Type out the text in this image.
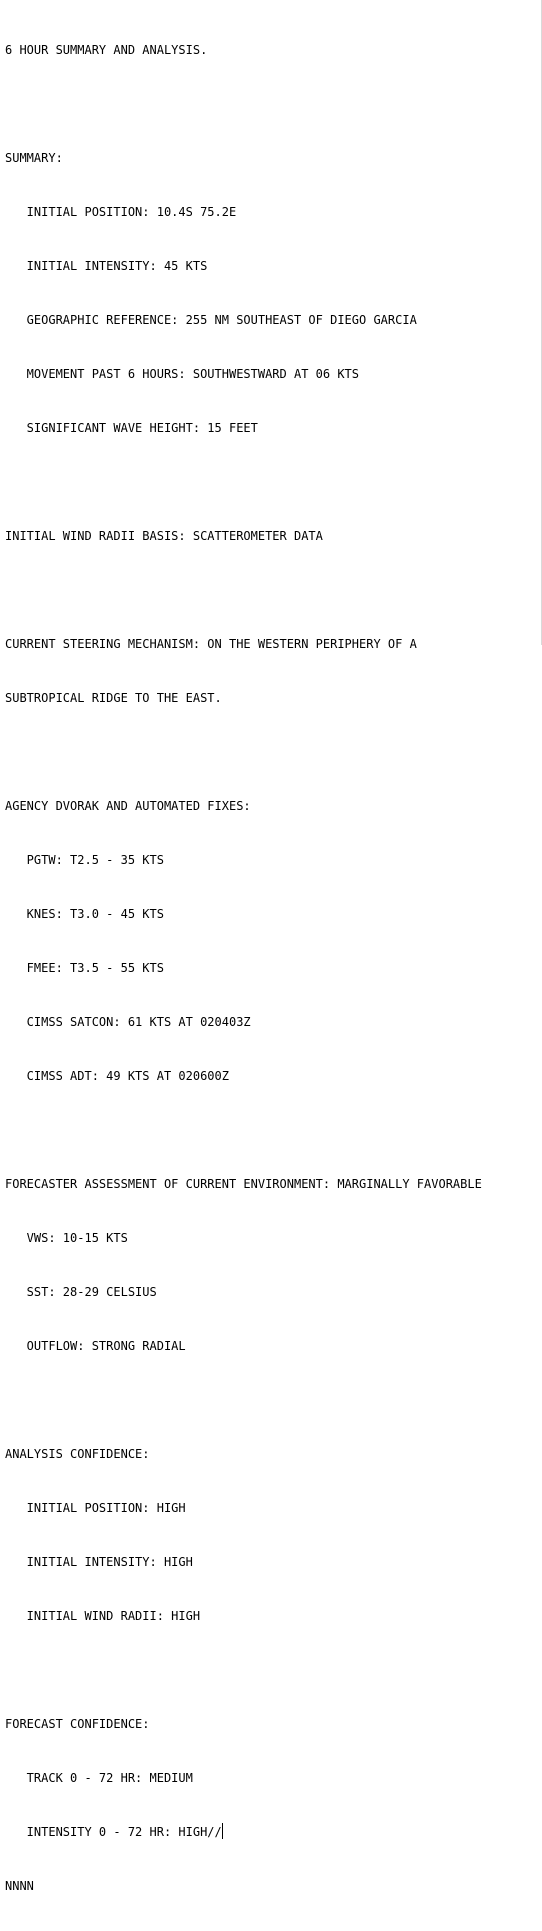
6 HOUR SUMMARY AND ANALYSIS.

SUMMARY:

INITIAL POSITION: 10.4S 75.2E

INITIAL INTENSITY: 45 KTS

GEOGRAPHIC REFERENCE: 255 NM SOUTHEAST OF DIEGO GARCIA

MOVEMENT PAST 6 HOURS: SOUTHWESTWARD AT 06 KTS

SIGNIFICANT WAVE HEIGHT: 15 FEET

INITIAL WIND RADII BASIS: SCATTEROMETER DATA

CURRENT STEERING MECHANISM: ON THE WESTERN PERIPHERY OF A

SUBTROPICAL RIDGE TO THE EAST.

AGENCY DVORAK AND AUTOMATED FIXES:

PGTW: T2.5 - 35 KTS

KNES: T3.0 - 45 KTS

FMEE: T3.5 - 55 KTS

CIMSS SATCON: 61 KTS AT 020403Z

CIMSS ADT: 49 KTS AT 020600Z

FORECASTER ASSESSMENT OF CURRENT ENVIRONMENT: MARGINALLY FAVORABLE

VWS: 10-15 KTS

SST: 28-29 CELSIUS

OUTFLOW: STRONG RADIAL

ANALYSIS CONFIDENCE:

INITIAL POSITION: HIGH

INITIAL INTENSITY: HIGH

INITIAL WIND RADII: HIGH

FORECAST CONFIDENCE:

TRACK 0 - 72 HR: MEDIUM

INTENSITY 0 - 72 HR: HIGH//

NNNN
